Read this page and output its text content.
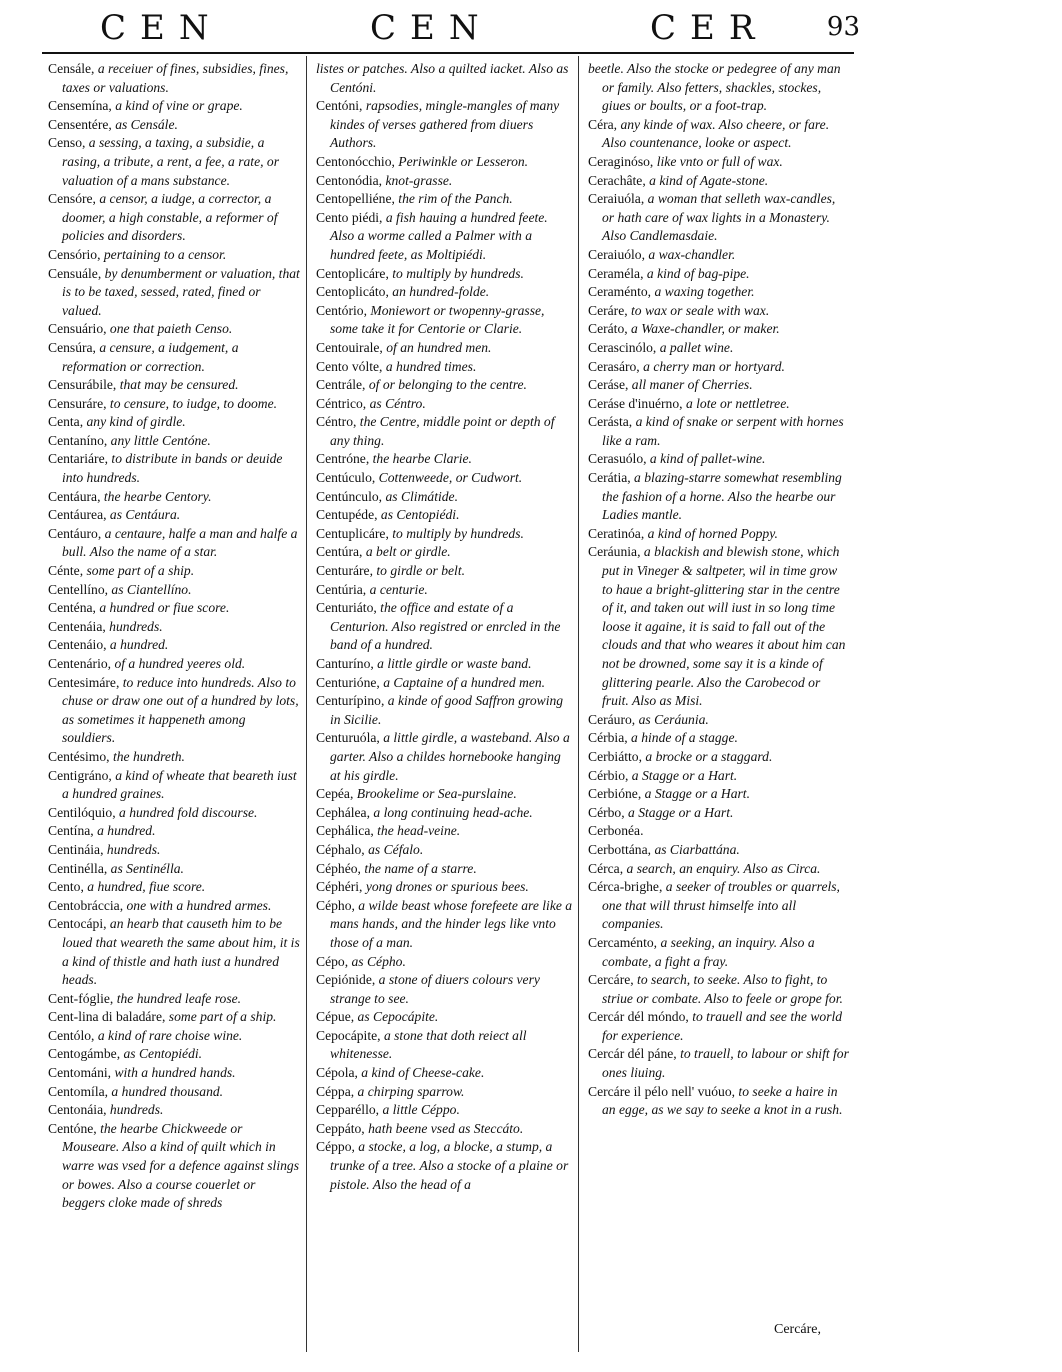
CEN	CEN	CER 93

Censále, a receiuer of fines, subsidies, fines, taxes or valuations.

Censemína, a kind of vine or grape.

Censentére, as Censále.

Censo, a sessing, a taxing, a subsidie, a rasing, a tribute, a rent, a fee, a rate, or valuation of a mans substance.

Censóre, a censor, a iudge, a corrector, a doomer, a high constable, a reformer of policies and disorders.

Censório, pertaining to a censor.

Censuále, by denumberment or valuation, that is to be taxed, sessed, rated, fined or valued.

Censuário, one that paieth Censo.

Censúra, a censure, a iudgement, a reformation or correction.

Censurábile, that may be censured.

Censuráre, to censure, to iudge, to doome.

Centa, any kind of girdle.

Centaníno, any little Centóne.

Centariáre, to distribute in bands or deuide into hundreds.

Centáura, the hearbe Centory.

Centáurea, as Centáura.

Centáuro, a centaure, halfe a man and halfe a bull. Also the name of a star.

Cénte, some part of a ship.

Centellíno, as Ciantellíno.

Centéna, a hundred or fiue score.

Centenáia, hundreds.

Centenáio, a hundred.

Centenário, of a hundred yeeres old.

Centesimáre, to reduce into hundreds. Also to chuse or draw one out of a hundred by lots, as sometimes it happeneth among souldiers.

Centésimo, the hundreth.

Centigráno, a kind of wheate that beareth iust a hundred graines.

Centilóquio, a hundred fold discourse.

Centína, a hundred.

Centináia, hundreds.

Centinélla, as Sentinélla.

Cento, a hundred, fiue score.

Centobráccia, one with a hundred armes.

Centocápi, an hearb that causeth him to be loued that weareth the same about him, it is a kind of thistle and hath iust a hundred heads.

Cent-fóglie, the hundred leafe rose.

Cent-lina di baladáre, some part of a ship.

Centólo, a kind of rare choise wine.

Centogámbe, as Centopiédi.

Centománi, with a hundred hands.

Centomíla, a hundred thousand.

Centonáia, hundreds.

Centóne, the hearbe Chickweede or Mouseare. Also a kind of quilt which in warre was vsed for a defence against slings or bowes. Also a course couerlet or beggers cloke made of shreds

listes or patches. Also a quilted iacket. Also as Centóni.

Centóni, rapsodies, mingle-mangles of many kindes of verses gathered from diuers Authors.

Centonócchio, Periwinkle or Lesseron.

Centonódia, knot-grasse.

Centopelliéne, the rim of the Panch.

Cento piédi, a fish hauing a hundred feete. Also a worme called a Palmer with a hundred feete, as Moltipiédi.

Centoplicáre, to multiply by hundreds.

Centoplicáto, an hundred-folde.

Centório, Moniewort or twopenny-grasse, some take it for Centorie or Clarie.

Centouirale, of an hundred men.

Cento vólte, a hundred times.

Centrále, of or belonging to the centre.

Céntrico, as Céntro.

Céntro, the Centre, middle point or depth of any thing.

Centróne, the hearbe Clarie.

Centúculo, Cottenweede, or Cudwort.

Centúnculo, as Climátide.

Centupéde, as Centopiédi.

Centuplicáre, to multiply by hundreds.

Centúra, a belt or girdle.

Centuráre, to girdle or belt.

Centúria, a centurie.

Centuriáto, the office and estate of a Centurion. Also registred or enrcled in the band of a hundred.

Canturíno, a little girdle or waste band.

Centurióne, a Captaine of a hundred men.

Centurípino, a kinde of good Saffron growing in Sicilie.

Centuruóla, a little girdle, a wasteband. Also a garter. Also a childes hornebooke hanging at his girdle.

Cepéa, Brookelime or Sea-purslaine.

Cephálea, a long continuing head-ache.

Cephálica, the head-veine.

Céphalo, as Céfalo.

Céphéo, the name of a starre.

Céphéri, yong drones or spurious bees.

Cépho, a wilde beast whose forefeete are like a mans hands, and the hinder legs like vnto those of a man.

Cépo, as Cépho.

Cepiónide, a stone of diuers colours very strange to see.

Cépue, as Cepocápite.

Cepocápite, a stone that doth reiect all whitenesse.

Cépola, a kind of Cheese-cake.

Céppa, a chirping sparrow.

Cepparéllo, a little Céppo.

Cеppáto, hath beene vsed as Steccáto.

Céppo, a stocke, a log, a blocke, a stump, a trunke of a tree. Also a stocke of a plaine or pistole. Also the head of a

beetle. Also the stocke or pedegree of any man or family. Also fetters, shackles, stockes, giues or boults, or a foot-trap.

Céra, any kinde of wax. Also cheere, or fare. Also countenance, looke or aspect.

Ceraginóso, like vnto or full of wax.

Cerachâte, a kind of Agate-stone.

Ceraiuóla, a woman that selleth wax-candles, or hath care of wax lights in a Monastery. Also Candlemasdaie.

Ceraiuólo, a wax-chandler.

Ceraméla, a kind of bag-pipe.

Ceraménto, a waxing together.

Ceráre, to wax or seale with wax.

Ceráto, a Waxe-chandler, or maker.

Cerascinólo, a pallet wine.

Cerasáro, a cherry man or hortyard.

Ceráse, all maner of Cherries.

Ceráse d'inuérno, a lote or nettletree.

Cerásta, a kind of snake or serpent with hornes like a ram.

Cerasuólo, a kind of pallet-wine.

Cerátia, a blazing-starre somewhat resembling the fashion of a horne. Also the hearbe our Ladies mantle.

Ceratinóa, a kind of horned Poppy.

Ceráunia, a blackish and blewish stone, which put in Vineger & saltpeter, wil in time grow to haue a bright-glittering star in the centre of it, and taken out will iust in so long time loose it againe, it is said to fall out of the clouds and that who weares it about him can not be drowned, some say it is a kinde of glittering pearle. Also the Carobecod or fruit. Also as Misi.

Ceráuro, as Ceráunia.

Cérbia, a hinde of a stagge.

Cerbiátto, a brocke or a staggard.

Cérbio, a Stagge or a Hart.

Cerbióne, a Stagge or a Hart.

Cérbo, a Stagge or a Hart.

Cerbonéa.

Cerbottána, as Ciarbattána.

Cérca, a search, an enquiry. Also as Circa.

Cérca-brighe, a seeker of troubles or quarrels, one that will thrust himselfe into all companies.

Cercaménto, a seeking, an inquiry. Also a combate, a fight a fray.

Cercáre, to search, to seeke. Also to fight, to striue or combate. Also to feele or grope for.

Cercár dél móndo, to trauell and see the world for experience.

Cercár dél páne, to trauell, to labour or shift for ones liuing.

Cercáre il pélo nell' vuóuo, to seeke a haire in an egge, as we say to seeke a knot in a rush.

Cercáre,
